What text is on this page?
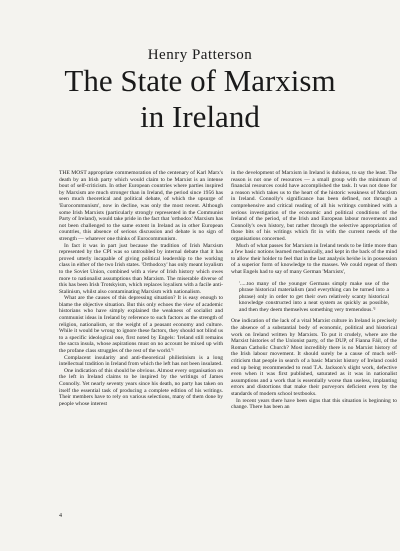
Henry Patterson
The State of Marxism
in Ireland

THE MOST appropriate commemoration of the centenary of Karl Marx's death by an Irish party which would claim to be Marxist is an intense bout of self-criticism. In other European countries where parties inspired by Marxism are much stronger than in Ireland, the period since 1956 has seen much theoretical and political debate, of which the upsurge of 'Eurocommunism', now in decline, was only the most recent. Although some Irish Marxists (particularly strongly represented in the Communist Party of Ireland), would take pride in the fact that 'orthodox' Marxism has not been challenged to the same extent in Ireland as in other European countries, this absence of serious discussion and debate is no sign of strength — whatever one thinks of Eurocommunism.

In fact it was in part just because the tradition of Irish Marxism represented by the CPI was so untroubled by internal debate that it has proved utterly incapable of giving political leadership to the working class in either of the two Irish states. 'Orthodoxy' has only meant loyalism to the Soviet Union, combined with a view of Irish history which owes more to nationalist assumptions than Marxism. The miserable diverse of this has been Irish Trotskyism, which replaces loyalism with a facile anti-Stalinism, whilst also contaminating Marxism with nationalism.

What are the causes of this depressing situation? It is easy enough to blame the objective situation. But this only echoes the view of academic historians who have simply explained the weakness of socialist and communist ideas in Ireland by reference to such factors as the strength of religion, nationalism, or the weight of a peasant economy and culture. While it would be wrong to ignore these factors, they should not blind us to a specific ideological one, first noted by Engels: 'Ireland still remains the sacra insula, whose aspirations must on no account be mixed up with the profane class struggles of the rest of the world.'¹

Complacent insularity and anti-theoretical philistinism is a long intellectual tradition in Ireland from which the left has not been insulated.

One indication of this should be obvious. Almost every organisation on the left in Ireland claims to be inspired by the writings of James Connolly. Yet nearly seventy years since his death, no party has taken on itself the essential task of producing a complete edition of his writings. Their members have to rely on various selections, many of them done by people whose interest

in the development of Marxism in Ireland is dubious, to say the least. The reason is not one of resources — a small group with the minimum of financial resources could have accomplished the task. It was not done for a reason which takes us to the heart of the historic weakness of Marxism in Ireland. Connolly's significance has been defined, not through a comprehensive and critical reading of all his writings combined with a serious investigation of the economic and political conditions of the Ireland of the period, of the Irish and European labour movements and Connolly's own history, but rather through the selective appropriation of those bits of his writings which fit in with the current needs of the organisations concerned.

Much of what passes for Marxism in Ireland tends to be little more than a few basic notions learned mechanically, and kept in the back of the mind to allow their holder to feel that in the last analysis he/she is in possession of a superior form of knowledge to the masses. We could repeat of them what Engels had to say of many German 'Marxists',

'.....too many of the younger Germans simply make use of the phrase historical materialism (and everything can be turned into a phrase) only in order to get their own relatively scanty historical knowledge constructed into a neat system as quickly as possible, and then they deem themselves something very tremendous.'²

One indication of the lack of a vital Marxist culture in Ireland is precisely the absence of a substantial body of economic, political and historical work on Ireland written by Marxists. To put it crudely, where are the Marxist histories of the Unionist party, of the DUP, of Fianna Fáil, of the Roman Catholic Church? Most incredibly there is no Marxist history of the Irish labour movement. It should surely be a cause of much self-criticism that people in search of a basic Marxist history of Ireland could end up being recommended to read T.A. Jackson's slight work, defective even when it was first published, saturated as it was in nationalist assumptions and a work that is essentially worse than useless, implanting errors and distortions that make their purveyors deficient even by the standards of modern school textbooks.

In recent years there have been signs that this situation is beginning to change. There has been an

4
